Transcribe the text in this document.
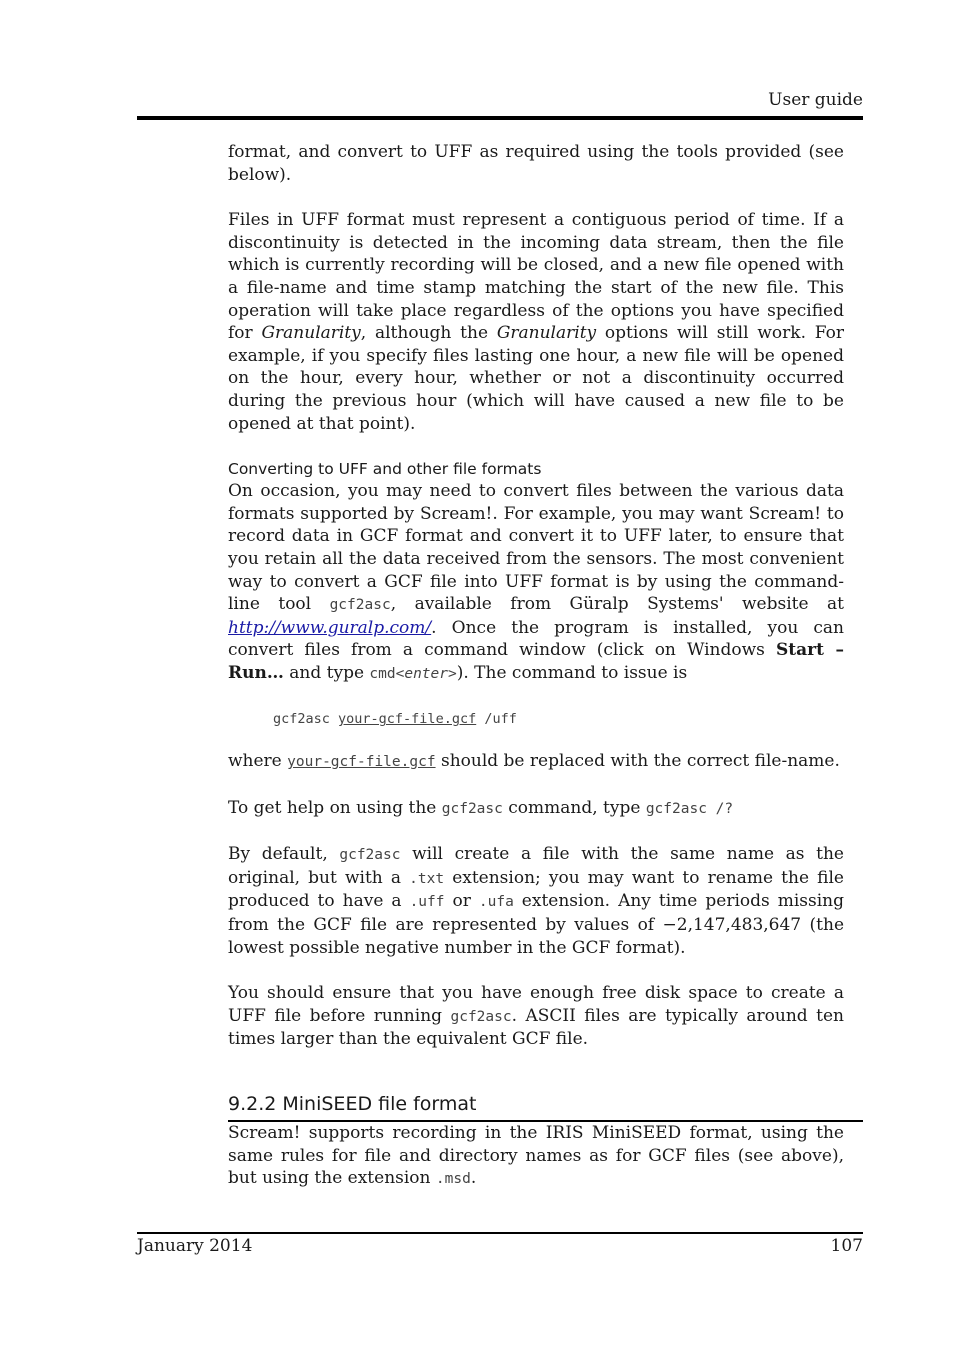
User guide

format, and convert to UFF as required using the tools provided (see below).

Files in UFF format must represent a contiguous period of time. If a discontinuity is detected in the incoming data stream, then the file which is currently recording will be closed, and a new file opened with a file-name and time stamp matching the start of the new file. This operation will take place regardless of the options you have specified for Granularity, although the Granularity options will still work. For example, if you specify files lasting one hour, a new file will be opened on the hour, every hour, whether or not a discontinuity occurred during the previous hour (which will have caused a new file to be opened at that point).

Converting to UFF and other file formats

On occasion, you may need to convert files between the various data formats supported by Scream!. For example, you may want Scream! to record data in GCF format and convert it to UFF later, to ensure that you retain all the data received from the sensors. The most convenient way to convert a GCF file into UFF format is by using the command-line tool gcf2asc, available from Güralp Systems' website at http://www.guralp.com/. Once the program is installed, you can convert files from a command window (click on Windows Start – Run… and type cmd<enter>). The command to issue is

gcf2asc your-gcf-file.gcf /uff

where your-gcf-file.gcf should be replaced with the correct file-name.

To get help on using the gcf2asc command, type gcf2asc /?

By default, gcf2asc will create a file with the same name as the original, but with a .txt extension; you may want to rename the file produced to have a .uff or .ufa extension. Any time periods missing from the GCF file are represented by values of −2,147,483,647 (the lowest possible negative number in the GCF format).

You should ensure that you have enough free disk space to create a UFF file before running gcf2asc. ASCII files are typically around ten times larger than the equivalent GCF file.

9.2.2 MiniSEED file format

Scream! supports recording in the IRIS MiniSEED format, using the same rules for file and directory names as for GCF files (see above), but using the extension .msd.

January 2014	107
